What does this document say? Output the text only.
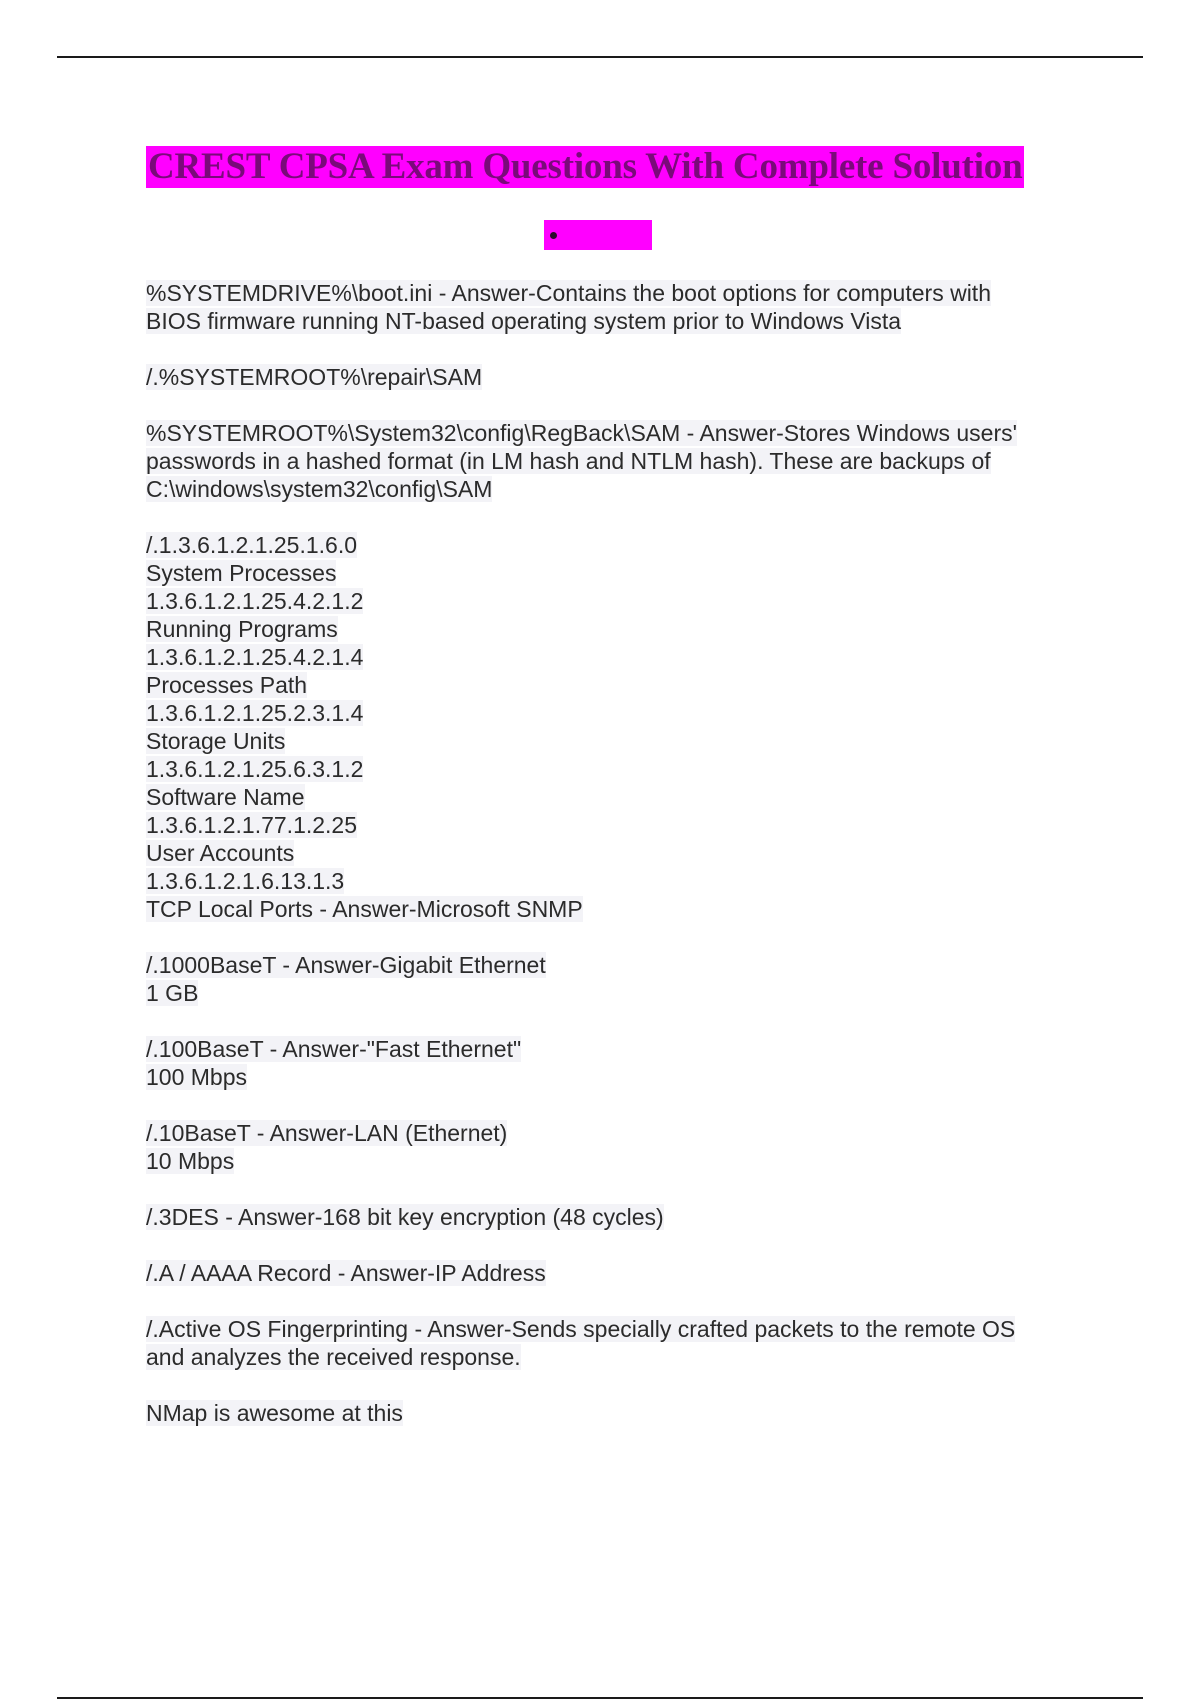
CREST CPSA Exam Questions With Complete Solution
%SYSTEMDRIVE%\boot.ini - Answer-Contains the boot options for computers with
BIOS firmware running NT-based operating system prior to Windows Vista
/.%SYSTEMROOT%\repair\SAM
%SYSTEMROOT%\System32\config\RegBack\SAM - Answer-Stores Windows users'
passwords in a hashed format (in LM hash and NTLM hash). These are backups of
C:\windows\system32\config\SAM
/.1.3.6.1.2.1.25.1.6.0
System Processes
1.3.6.1.2.1.25.4.2.1.2
Running Programs
1.3.6.1.2.1.25.4.2.1.4
Processes Path
1.3.6.1.2.1.25.2.3.1.4
Storage Units
1.3.6.1.2.1.25.6.3.1.2
Software Name
1.3.6.1.2.1.77.1.2.25
User Accounts
1.3.6.1.2.1.6.13.1.3
TCP Local Ports - Answer-Microsoft SNMP
/.1000BaseT - Answer-Gigabit Ethernet
1 GB
/.100BaseT - Answer-"Fast Ethernet"
100 Mbps
/.10BaseT - Answer-LAN (Ethernet)
10 Mbps
/.3DES - Answer-168 bit key encryption (48 cycles)
/.A / AAAA Record - Answer-IP Address
/.Active OS Fingerprinting - Answer-Sends specially crafted packets to the remote OS
and analyzes the received response.
NMap is awesome at this
